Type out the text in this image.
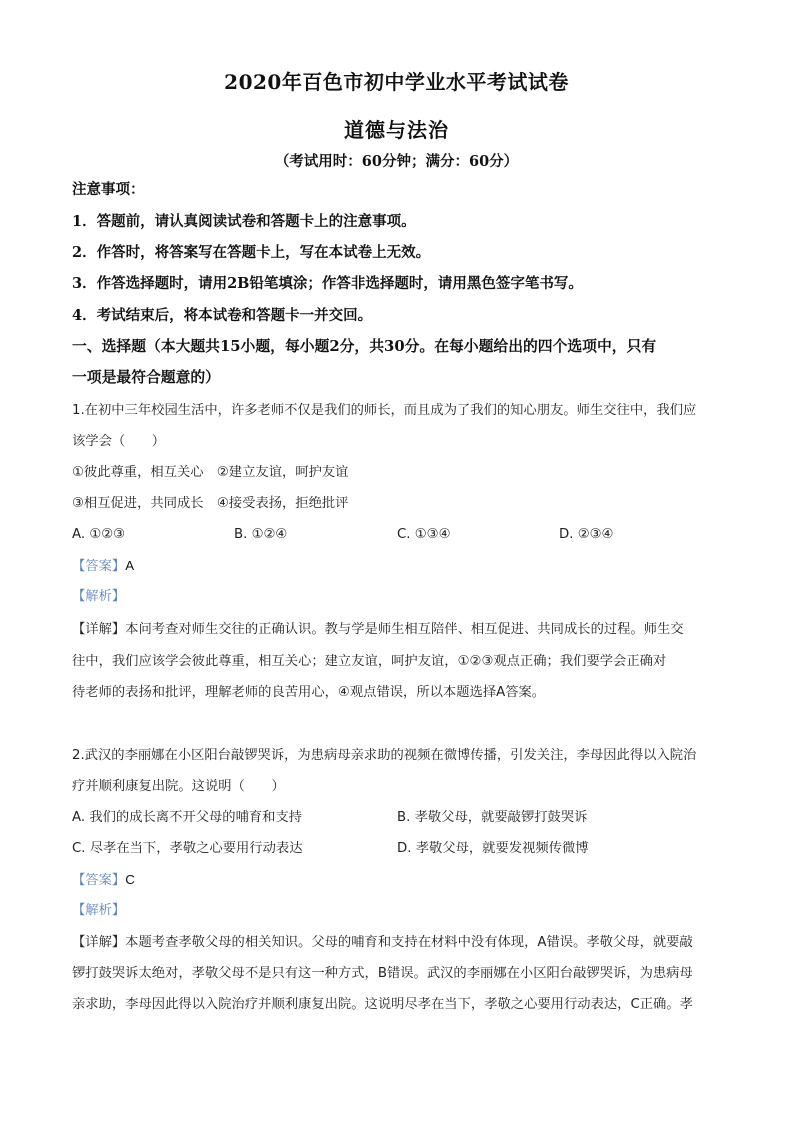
2020年百色市初中学业水平考试试卷
道德与法治
（考试用时：60分钟；满分：60分）
注意事项：
1．答题前，请认真阅读试卷和答题卡上的注意事项。
2．作答时，将答案写在答题卡上，写在本试卷上无效。
3．作答选择题时，请用2B铅笔填涂；作答非选择题时，请用黑色签字笔书写。
4．考试结束后，将本试卷和答题卡一并交回。
一、选择题（本大题共15小题，每小题2分，共30分。在每小题给出的四个选项中，只有
一项是最符合题意的）
1.在初中三年校园生活中，许多老师不仅是我们的师长，而且成为了我们的知心朋友。师生交往中，我们应
该学会（　　）
①彼此尊重，相互关心　②建立友谊，呵护友谊
③相互促进，共同成长　④接受表扬，拒绝批评
A. ①②③	B. ①②④	C. ①③④	D. ②③④
【答案】A
【解析】
【详解】本问考查对师生交往的正确认识。教与学是师生相互陪伴、相互促进、共同成长的过程。师生交
往中，我们应该学会彼此尊重，相互关心；建立友谊，呵护友谊，①②③观点正确；我们要学会正确对
待老师的表扬和批评，理解老师的良苦用心，④观点错误，所以本题选择A答案。
2.武汉的李丽娜在小区阳台敲锣哭诉，为患病母亲求助的视频在微博传播，引发关注，李母因此得以入院治
疗并顺利康复出院。这说明（　　）
A. 我们的成长离不开父母的哺育和支持	B. 孝敬父母，就要敲锣打鼓哭诉
C. 尽孝在当下，孝敬之心要用行动表达	D. 孝敬父母，就要发视频传微博
【答案】C
【解析】
【详解】本题考查孝敬父母的相关知识。父母的哺育和支持在材料中没有体现，A错误。孝敬父母，就要敲
锣打鼓哭诉太绝对，孝敬父母不是只有这一种方式，B错误。武汉的李丽娜在小区阳台敲锣哭诉，为患病母
亲求助，李母因此得以入院治疗并顺利康复出院。这说明尽孝在当下，孝敬之心要用行动表达，C正确。孝
